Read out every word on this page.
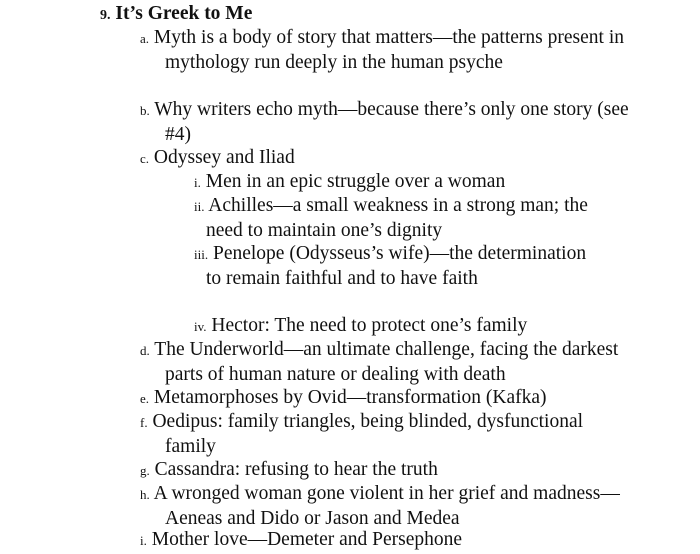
9. It’s Greek to Me
a. Myth is a body of story that matters—the patterns present in mythology run deeply in the human psyche
b. Why writers echo myth—because there’s only one story (see #4)
c. Odyssey and Iliad
i. Men in an epic struggle over a woman
ii. Achilles—a small weakness in a strong man; the need to maintain one’s dignity
iii. Penelope (Odysseus’s wife)—the determination to remain faithful and to have faith
iv. Hector: The need to protect one’s family
d. The Underworld—an ultimate challenge, facing the darkest parts of human nature or dealing with death
e. Metamorphoses by Ovid—transformation (Kafka)
f. Oedipus: family triangles, being blinded, dysfunctional family
g. Cassandra: refusing to hear the truth
h. A wronged woman gone violent in her grief and madness—Aeneas and Dido or Jason and Medea
i. Mother love—Demeter and Persephone
